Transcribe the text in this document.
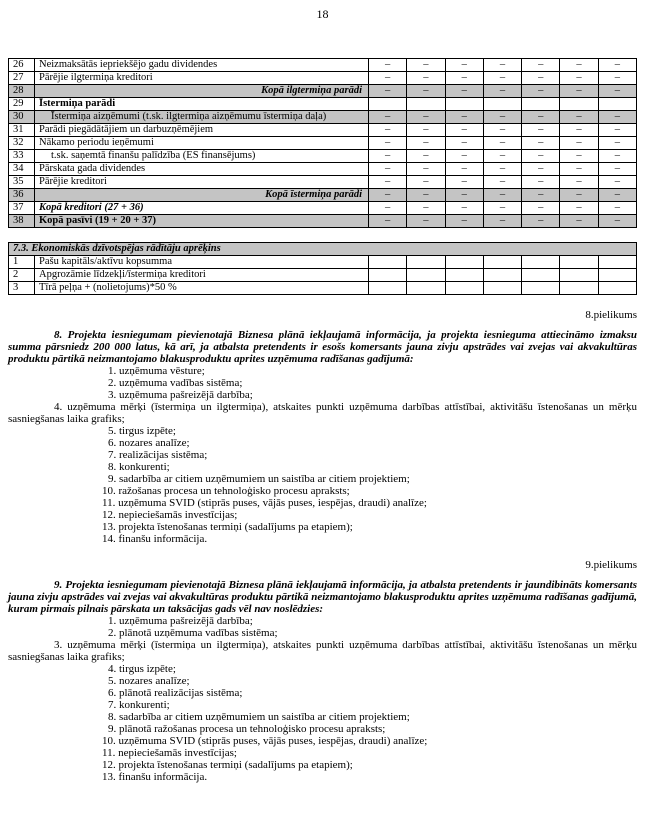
18
26	Neizmaksātās iepriekšējo gadu dividendes	–	–	–	–	–	–	–
27	Pārējie ilgtermiņa kreditori	–	–	–	–	–	–	–
28	Kopā ilgtermiņa parādi	–	–	–	–	–	–	–
29	Īstermiņa parādi							
30	Īstermiņa aizņēmumi (t.sk. ilgtermiņa aizņēmumu īstermiņa daļa)	–	–	–	–	–	–	–
31	Parādi piegādātājiem un darbuzņēmējiem	–	–	–	–	–	–	–
32	Nākamo periodu ieņēmumi	–	–	–	–	–	–	–
33	t.sk. saņemtā finanšu palīdzība (ES finansējums)	–	–	–	–	–	–	–
34	Pārskata gada dividendes	–	–	–	–	–	–	–
35	Pārējie kreditori	–	–	–	–	–	–	–
36	Kopā īstermiņa parādi	–	–	–	–	–	–	–
37	Kopā kreditori (27 + 36)	–	–	–	–	–	–	–
38	Kopā pasīvi (19 + 20 + 37)	–	–	–	–	–	–	–
7.3. Ekonomiskās dzīvotspējas rādītāju aprēķins								
1	Pašu kapitāls/aktīvu kopsumma							
2	Apgrozāmie līdzekļi/īstermiņa kreditori							
3	Tīrā peļņa + (nolietojums)*50 %							
8.pielikums

8. Projekta iesniegumam pievienotajā Biznesa plānā iekļaujamā informācija, ja projekta iesnieguma attiecināmo izmaksu summa pārsniedz 200 000 latus, kā arī, ja atbalsta pretendents ir esošs komersants jauna zivju apstrādes vai zvejas vai akvakultūras produktu pārtikā neizmantojamo blakusproduktu aprites uzņēmuma radīšanas gadījumā:

1. uzņēmuma vēsture;

2. uzņēmuma vadības sistēma;

3. uzņēmuma pašreizējā darbība;

4. uzņēmuma mērķi (īstermiņa un ilgtermiņa), atskaites punkti uzņēmuma darbības attīstībai, aktivitāšu īstenošanas un mērķu sasniegšanas laika grafiks;

5. tirgus izpēte;

6. nozares analīze;

7. realizācijas sistēma;

8. konkurenti;

9. sadarbība ar citiem uzņēmumiem un saistība ar citiem projektiem;

10. ražošanas procesa un tehnoloģisko procesu apraksts;

11. uzņēmuma SVID (stiprās puses, vājās puses, iespējas, draudi) analīze;

12. nepieciešamās investīcijas;

13. projekta īstenošanas termiņi (sadalījums pa etapiem);

14. finanšu informācija.

9.pielikums

9. Projekta iesniegumam pievienotajā Biznesa plānā iekļaujamā informācija, ja atbalsta pretendents ir jaundibināts komersants jauna zivju apstrādes vai zvejas vai akvakultūras produktu pārtikā neizmantojamo blakusproduktu aprites uzņēmuma radīšanas gadījumā, kuram pirmais pilnais pārskata un taksācijas gads vēl nav noslēdzies:

1. uzņēmuma pašreizējā darbība;

2. plānotā uzņēmuma vadības sistēma;

3. uzņēmuma mērķi (īstermiņa un ilgtermiņa), atskaites punkti uzņēmuma darbības attīstībai, aktivitāšu īstenošanas un mērķu sasniegšanas laika grafiks;

4. tirgus izpēte;

5. nozares analīze;

6. plānotā realizācijas sistēma;

7. konkurenti;

8. sadarbība ar citiem uzņēmumiem un saistība ar citiem projektiem;

9. plānotā ražošanas procesa un tehnoloģisko procesu apraksts;

10. uzņēmuma SVID (stiprās puses, vājās puses, iespējas, draudi) analīze;

11. nepieciešamās investīcijas;

12. projekta īstenošanas termiņi (sadalījums pa etapiem);

13. finanšu informācija.
